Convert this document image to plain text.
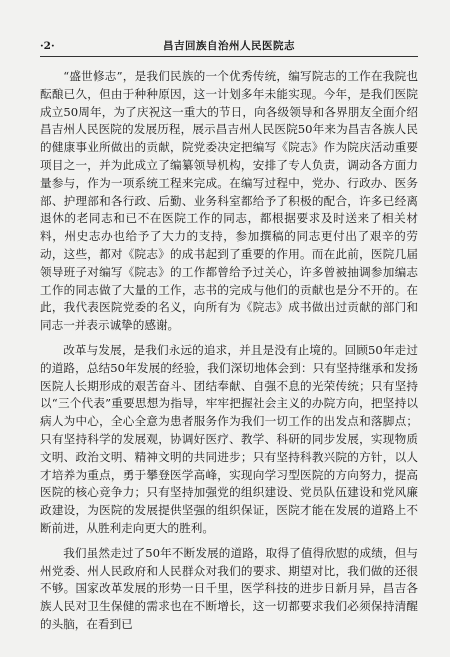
·2·	昌吉回族自治州人民医院志

“盛世修志”，是我们民族的一个优秀传统，编写院志的工作在我院也酝酿已久，但由于种种原因，这一计划多年未能实现。今年，是我们医院成立50周年，为了庆祝这一重大的节日，向各级领导和各界朋友全面介绍昌吉州人民医院的发展历程，展示昌吉州人民医院50年来为昌吉各族人民的健康事业所做出的贡献，院党委决定把编写《院志》作为院庆活动重要项目之一，并为此成立了编纂领导机构，安排了专人负责，调动各方面力量参与，作为一项系统工程来完成。在编写过程中，党办、行政办、医务部、护理部和各行政、后勤、业务科室都给予了积极的配合，许多已经离退休的老同志和已不在医院工作的同志，都根据要求及时送来了相关材料，州史志办也给予了大力的支持，参加撰稿的同志更付出了艰辛的劳动，这些，都对《院志》的成书起到了重要的作用。而在此前，医院几届领导班子对编写《院志》的工作都曾给予过关心，许多曾被抽调参加编志工作的同志做了大量的工作，志书的完成与他们的贡献也是分不开的。在此，我代表医院党委的名义，向所有为《院志》成书做出过贡献的部门和同志一并表示诚挚的感谢。

改革与发展，是我们永远的追求，并且是没有止境的。回顾50年走过的道路，总结50年发展的经验，我们深切地体会到：只有坚持继承和发扬医院人长期形成的艰苦奋斗、团结奉献、自强不息的光荣传统；只有坚持以“三个代表”重要思想为指导，牢牢把握社会主义的办院方向，把坚持以病人为中心，全心全意为患者服务作为我们一切工作的出发点和落脚点；只有坚持科学的发展观，协调好医疗、教学、科研的同步发展，实现物质文明、政治文明、精神文明的共同进步；只有坚持科教兴院的方针，以人才培养为重点，勇于攀登医学高峰，实现向学习型医院的方向努力，提高医院的核心竞争力；只有坚持加强党的组织建设、党员队伍建设和党风廉政建设，为医院的发展提供坚强的组织保证，医院才能在发展的道路上不断前进，从胜利走向更大的胜利。

我们虽然走过了50年不断发展的道路，取得了值得欣慰的成绩，但与州党委、州人民政府和人民群众对我们的要求、期望对比，我们做的还很不够。国家改革发展的形势一日千里，医学科技的进步日新月异，昌吉各族人民对卫生保健的需求也在不断增长，这一切都要求我们必须保持清醒的头脑，在看到已
